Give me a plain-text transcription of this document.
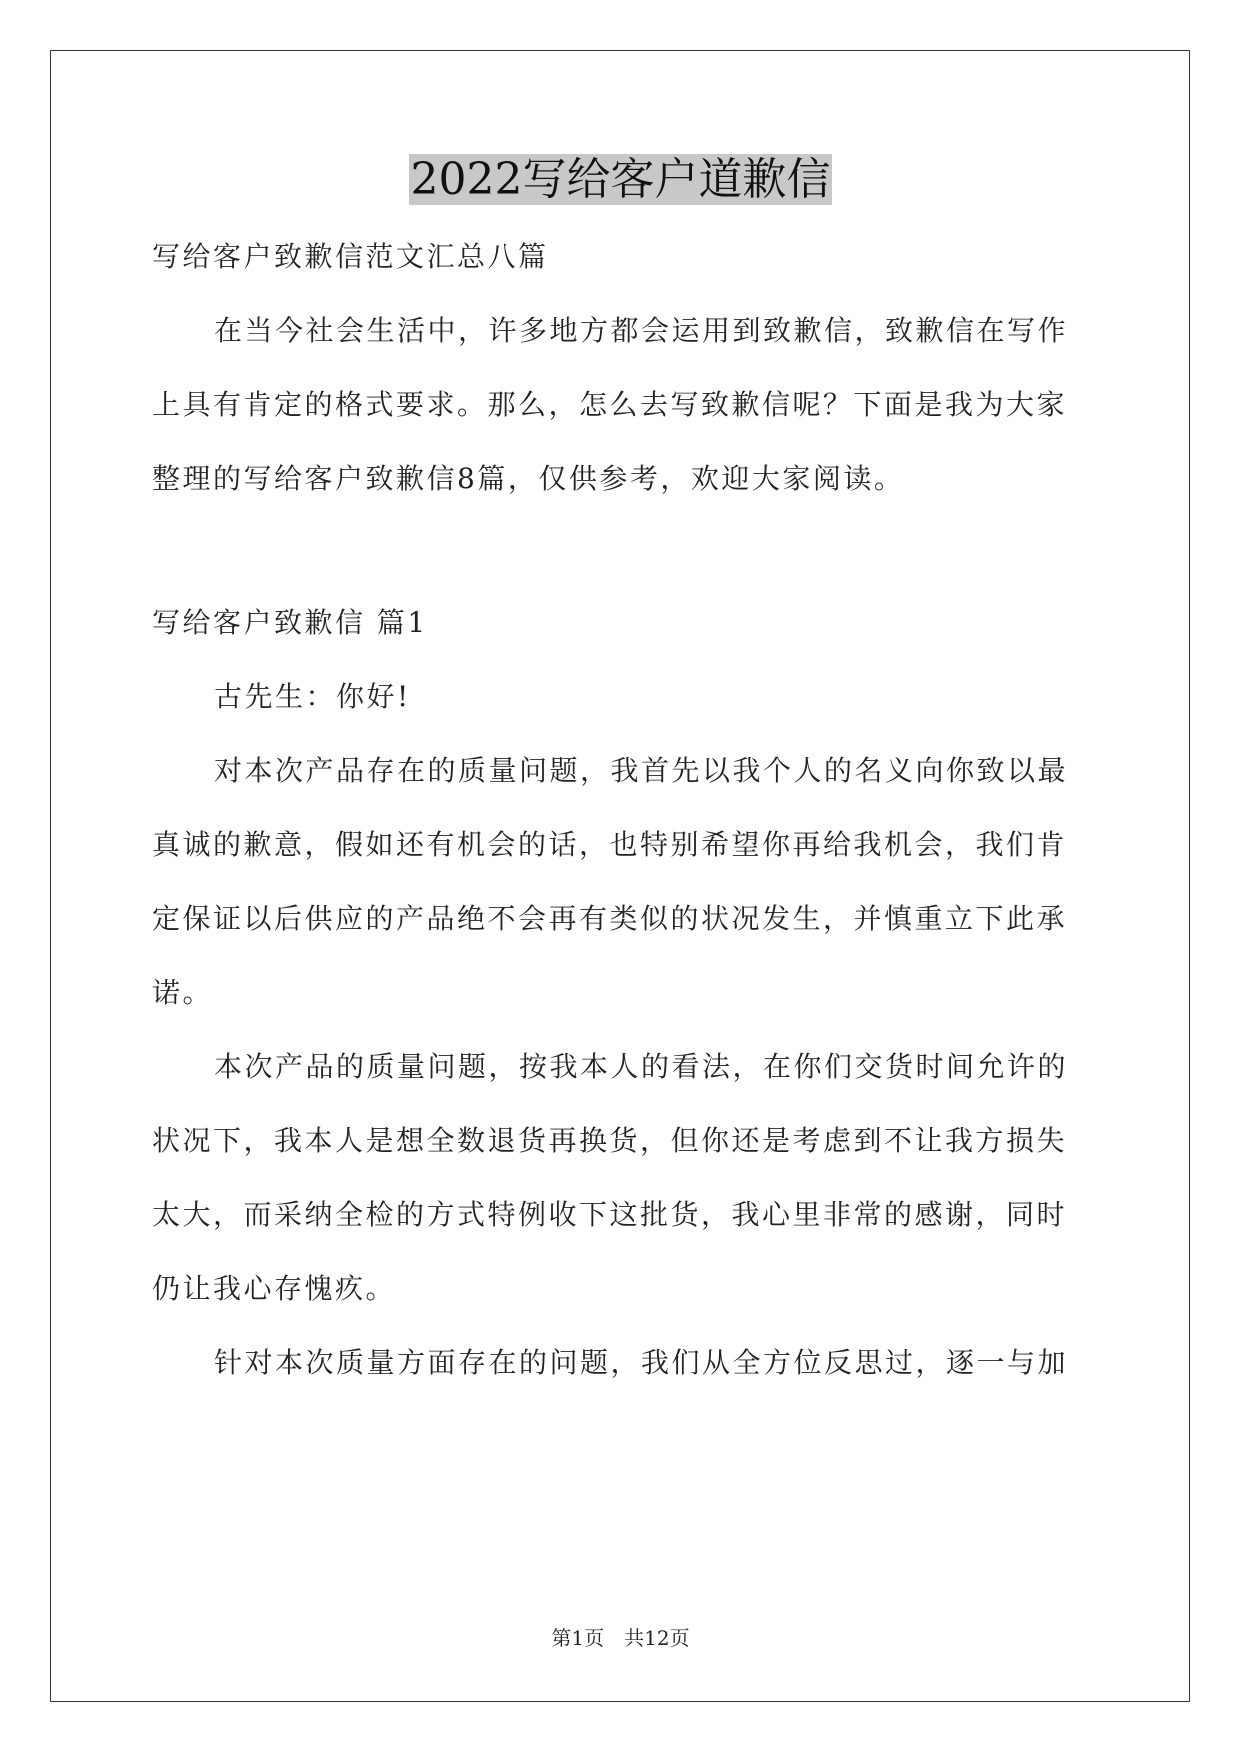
2022写给客户道歉信
写给客户致歉信范文汇总八篇
在当今社会生活中，许多地方都会运用到致歉信，致歉信在写作
上具有肯定的格式要求。那么，怎么去写致歉信呢？下面是我为大家
整理的写给客户致歉信8篇，仅供参考，欢迎大家阅读。
写给客户致歉信 篇1
古先生：你好!
对本次产品存在的质量问题，我首先以我个人的名义向你致以最
真诚的歉意，假如还有机会的话，也特别希望你再给我机会，我们肯
定保证以后供应的产品绝不会再有类似的状况发生，并慎重立下此承
诺。
本次产品的质量问题，按我本人的看法，在你们交货时间允许的
状况下，我本人是想全数退货再换货，但你还是考虑到不让我方损失
太大，而采纳全检的方式特例收下这批货，我心里非常的感谢，同时
仍让我心存愧疚。
针对本次质量方面存在的问题，我们从全方位反思过，逐一与加
第1页　共12页
